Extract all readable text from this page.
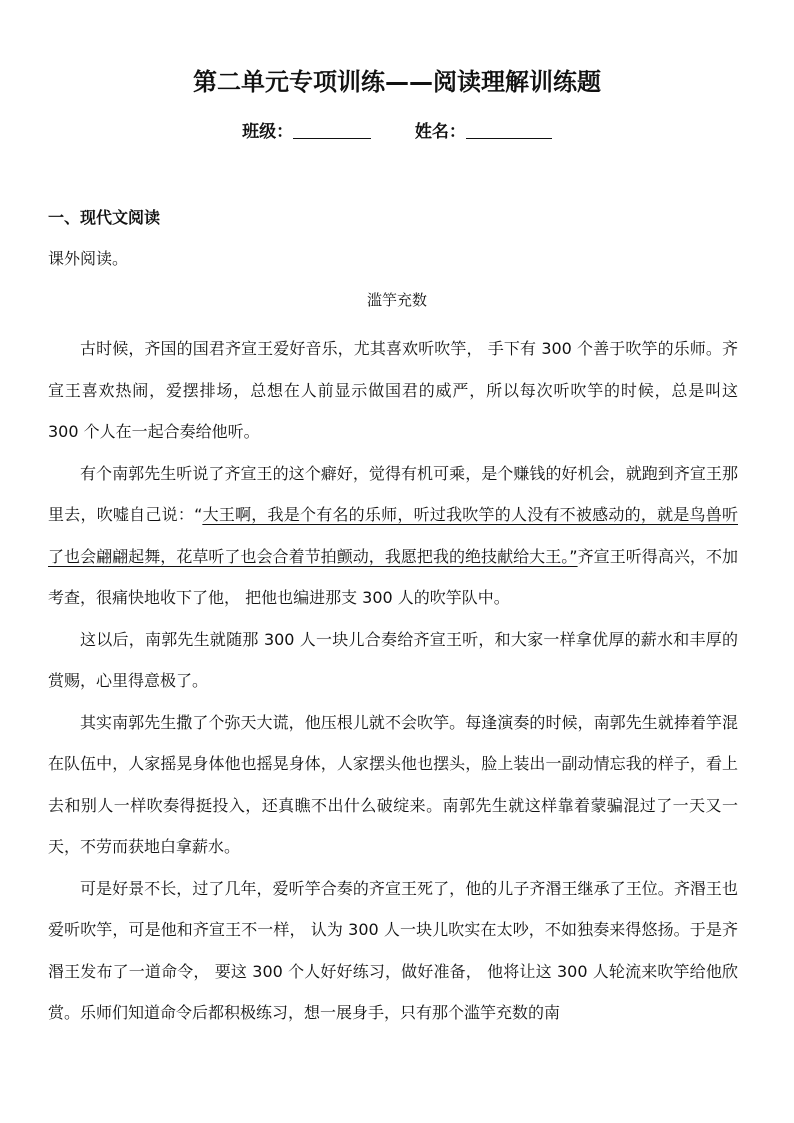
第二单元专项训练——阅读理解训练题
班级：	姓名：
一、现代文阅读
课外阅读。
滥竽充数

古时候，齐国的国君齐宣王爱好音乐，尤其喜欢听吹竽， 手下有 300 个善于吹竽的乐师。齐宣王喜欢热闹，爱摆排场，总想在人前显示做国君的威严，所以每次听吹竽的时候，总是叫这 300 个人在一起合奏给他听。

有个南郭先生听说了齐宣王的这个癖好，觉得有机可乘，是个赚钱的好机会，就跑到齐宣王那里去，吹嘘自己说：“大王啊，我是个有名的乐师，听过我吹竽的人没有不被感动的，就是鸟兽听了也会翩翩起舞，花草听了也会合着节拍颤动，我愿把我的绝技献给大王。”齐宣王听得高兴，不加考查，很痛快地收下了他， 把他也编进那支 300 人的吹竽队中。

这以后，南郭先生就随那 300 人一块儿合奏给齐宣王听，和大家一样拿优厚的薪水和丰厚的赏赐，心里得意极了。

其实南郭先生撒了个弥天大谎，他压根儿就不会吹竽。每逢演奏的时候，南郭先生就捧着竽混在队伍中，人家摇晃身体他也摇晃身体，人家摆头他也摆头，脸上装出一副动情忘我的样子，看上去和别人一样吹奏得挺投入，还真瞧不出什么破绽来。南郭先生就这样靠着蒙骗混过了一天又一天，不劳而获地白拿薪水。

可是好景不长，过了几年，爱听竽合奏的齐宣王死了，他的儿子齐湣王继承了王位。齐湣王也爱听吹竽，可是他和齐宣王不一样， 认为 300 人一块儿吹实在太吵，不如独奏来得悠扬。于是齐湣王发布了一道命令， 要这 300 个人好好练习，做好准备， 他将让这 300 人轮流来吹竽给他欣赏。乐师们知道命令后都积极练习，想一展身手，只有那个滥竽充数的南
